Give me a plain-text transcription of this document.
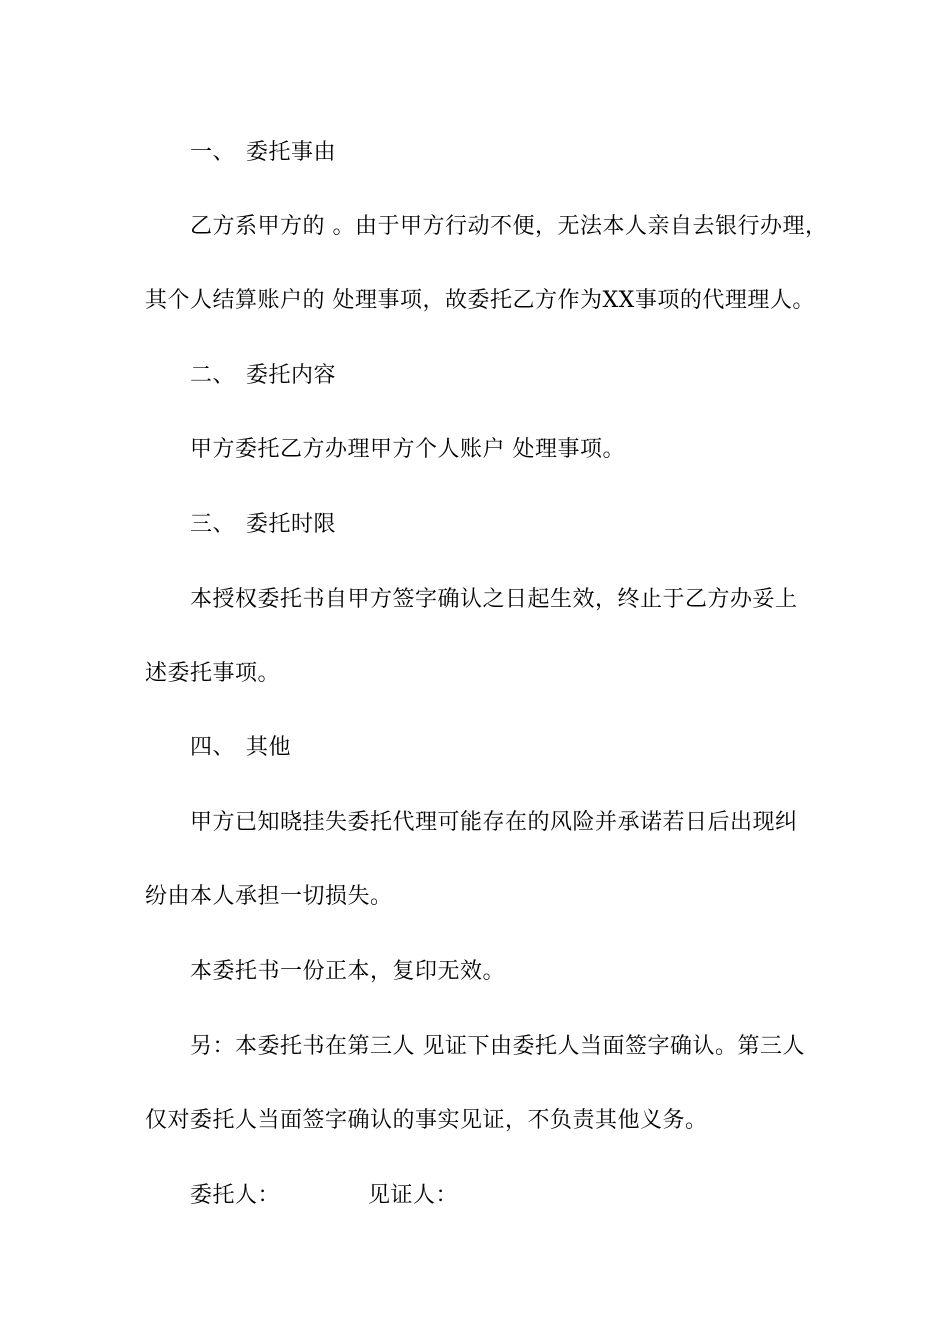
一、 委托事由
乙方系甲方的 。由于甲方行动不便，无法本人亲自去银行办理，
其个人结算账户的 处理事项，故委托乙方作为XX事项的代理理人。
二、 委托内容
甲方委托乙方办理甲方个人账户 处理事项。
三、 委托时限
本授权委托书自甲方签字确认之日起生效，终止于乙方办妥上
述委托事项。
四、 其他
甲方已知晓挂失委托代理可能存在的风险并承诺若日后出现纠
纷由本人承担一切损失。
本委托书一份正本，复印无效。
另：本委托书在第三人 见证下由委托人当面签字确认。第三人
仅对委托人当面签字确认的事实见证，不负责其他义务。
委托人：	见证人：
